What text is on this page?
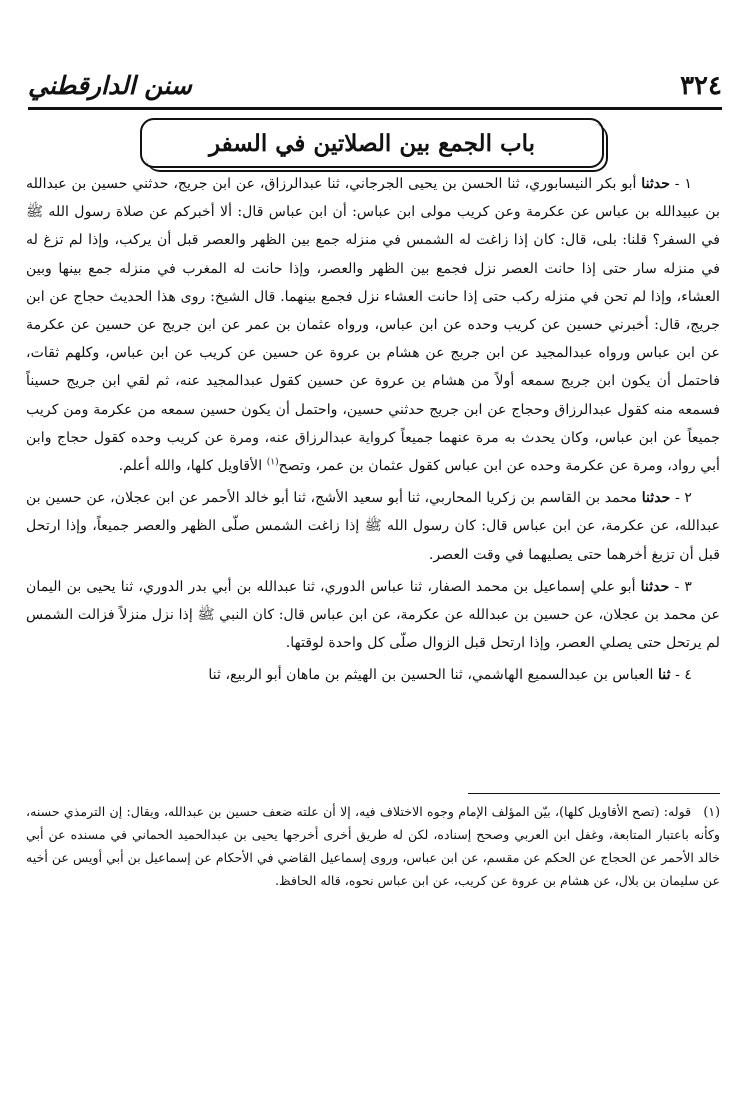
٣٢٤
سنن الدارقطني
باب الجمع بين الصلاتين في السفر

١ - حدثنا أبو بكر النيسابوري، ثنا الحسن بن يحيى الجرجاني، ثنا عبدالرزاق، عن ابن جريج، حدثني حسين بن عبدالله بن عبيدالله بن عباس عن عكرمة وعن كريب مولى ابن عباس: أن ابن عباس قال: ألا أخبركم عن صلاة رسول الله ﷺ في السفر؟ قلنا: بلى، قال: كان إذا زاغت له الشمس في منزله جمع بين الظهر والعصر قبل أن يركب، وإذا لم تزغ له في منزله سار حتى إذا حانت العصر نزل فجمع بين الظهر والعصر، وإذا حانت له المغرب في منزله جمع بينها وبين العشاء، وإذا لم تحن في منزله ركب حتى إذا حانت العشاء نزل فجمع بينهما. قال الشيخ: روى هذا الحديث حجاج عن ابن جريج، قال: أخبرني حسين عن كريب وحده عن ابن عباس، ورواه عثمان بن عمر عن ابن جريج عن حسين عن عكرمة عن ابن عباس ورواه عبدالمجيد عن ابن جريج عن هشام بن عروة عن حسين عن كريب عن ابن عباس، وكلهم ثقات، فاحتمل أن يكون ابن جريج سمعه أولاً من هشام بن عروة عن حسين كقول عبدالمجيد عنه، ثم لقي ابن جريج حسيناً فسمعه منه كقول عبدالرزاق وحجاج عن ابن جريج حدثني حسين، واحتمل أن يكون حسين سمعه من عكرمة ومن كريب جميعاً عن ابن عباس، وكان يحدث به مرة عنهما جميعاً كرواية عبدالرزاق عنه، ومرة عن كريب وحده كقول حجاج وابن أبي رواد، ومرة عن عكرمة وحده عن ابن عباس كقول عثمان بن عمر، وتصح$^{(١)}$ الأقاويل كلها، والله أعلم.

٢ - حدثنا محمد بن القاسم بن زكريا المحاربي، ثنا أبو سعيد الأشج، ثنا أبو خالد الأحمر عن ابن عجلان، عن حسين بن عبدالله، عن عكرمة، عن ابن عباس قال: كان رسول الله ﷺ إذا زاغت الشمس صلّى الظهر والعصر جميعاً، وإذا ارتحل قبل أن تزيغ أخرهما حتى يصليهما في وقت العصر.

٣ - حدثنا أبو علي إسماعيل بن محمد الصفار، ثنا عباس الدوري، ثنا عبدالله بن أبي بدر الدوري، ثنا يحيى بن اليمان عن محمد بن عجلان، عن حسين بن عبدالله عن عكرمة، عن ابن عباس قال: كان النبي ﷺ إذا نزل منزلاً فزالت الشمس لم يرتحل حتى يصلي العصر، وإذا ارتحل قبل الزوال صلّى كل واحدة لوقتها.

٤ - ثنا العباس بن عبدالسميع الهاشمي، ثنا الحسين بن الهيثم بن ماهان أبو الربيع، ثنا

(١) قوله: (تصح الأقاويل كلها)، بيّن المؤلف الإمام وجوه الاختلاف فيه، إلا أن علته ضعف حسين بن عبدالله، ويقال: إن الترمذي حسنه، وكأنه باعتبار المتابعة، وغفل ابن العربي وصحح إسناده، لكن له طريق أخرى أخرجها يحيى بن عبدالحميد الحماني في مسنده عن أبي خالد الأحمر عن الحجاج عن الحكم عن مقسم، عن ابن عباس، وروى إسماعيل القاضي في الأحكام عن إسماعيل بن أبي أويس عن أخيه عن سليمان بن بلال، عن هشام بن عروة عن كريب، عن ابن عباس نحوه، قاله الحافظ.
